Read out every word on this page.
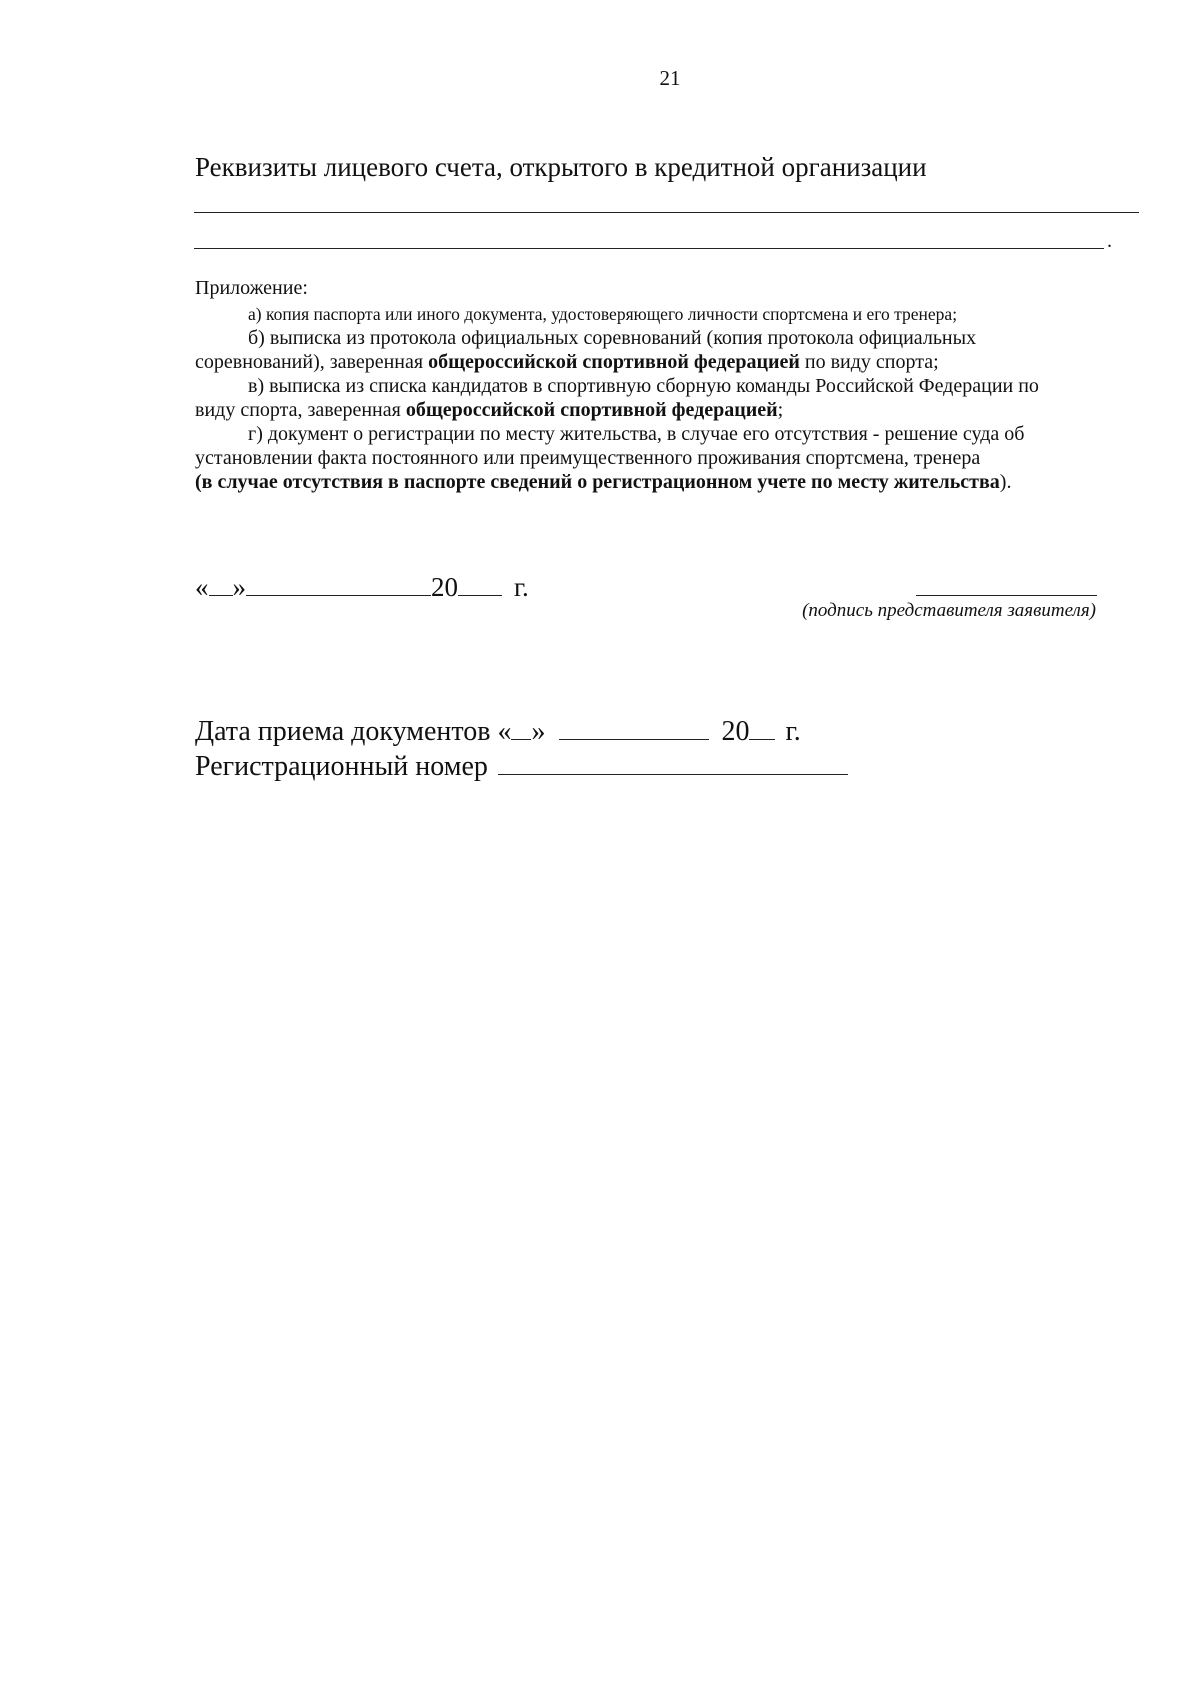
21
Реквизиты лицевого счета, открытого в кредитной организации
.

Приложение:

а) копия паспорта или иного документа, удостоверяющего личности спортсмена и его тренера;

б) выписка из протокола официальных соревнований (копия протокола официальных

соревнований), заверенная общероссийской спортивной федерацией по виду спорта;

в) выписка из списка кандидатов в спортивную сборную команды Российской Федерации по

виду спорта, заверенная общероссийской спортивной федерацией;

г) документ о регистрации по месту жительства, в случае его отсутствия - решение суда об

установлении факта постоянного или преимущественного проживания спортсмена, тренера

(в случае отсутствия в паспорте сведений о регистрационном учете по месту жительства).

« »	20 г.
(подпись представителя заявителя)
Дата приема документов « »	20 г.
Регистрационный номер
